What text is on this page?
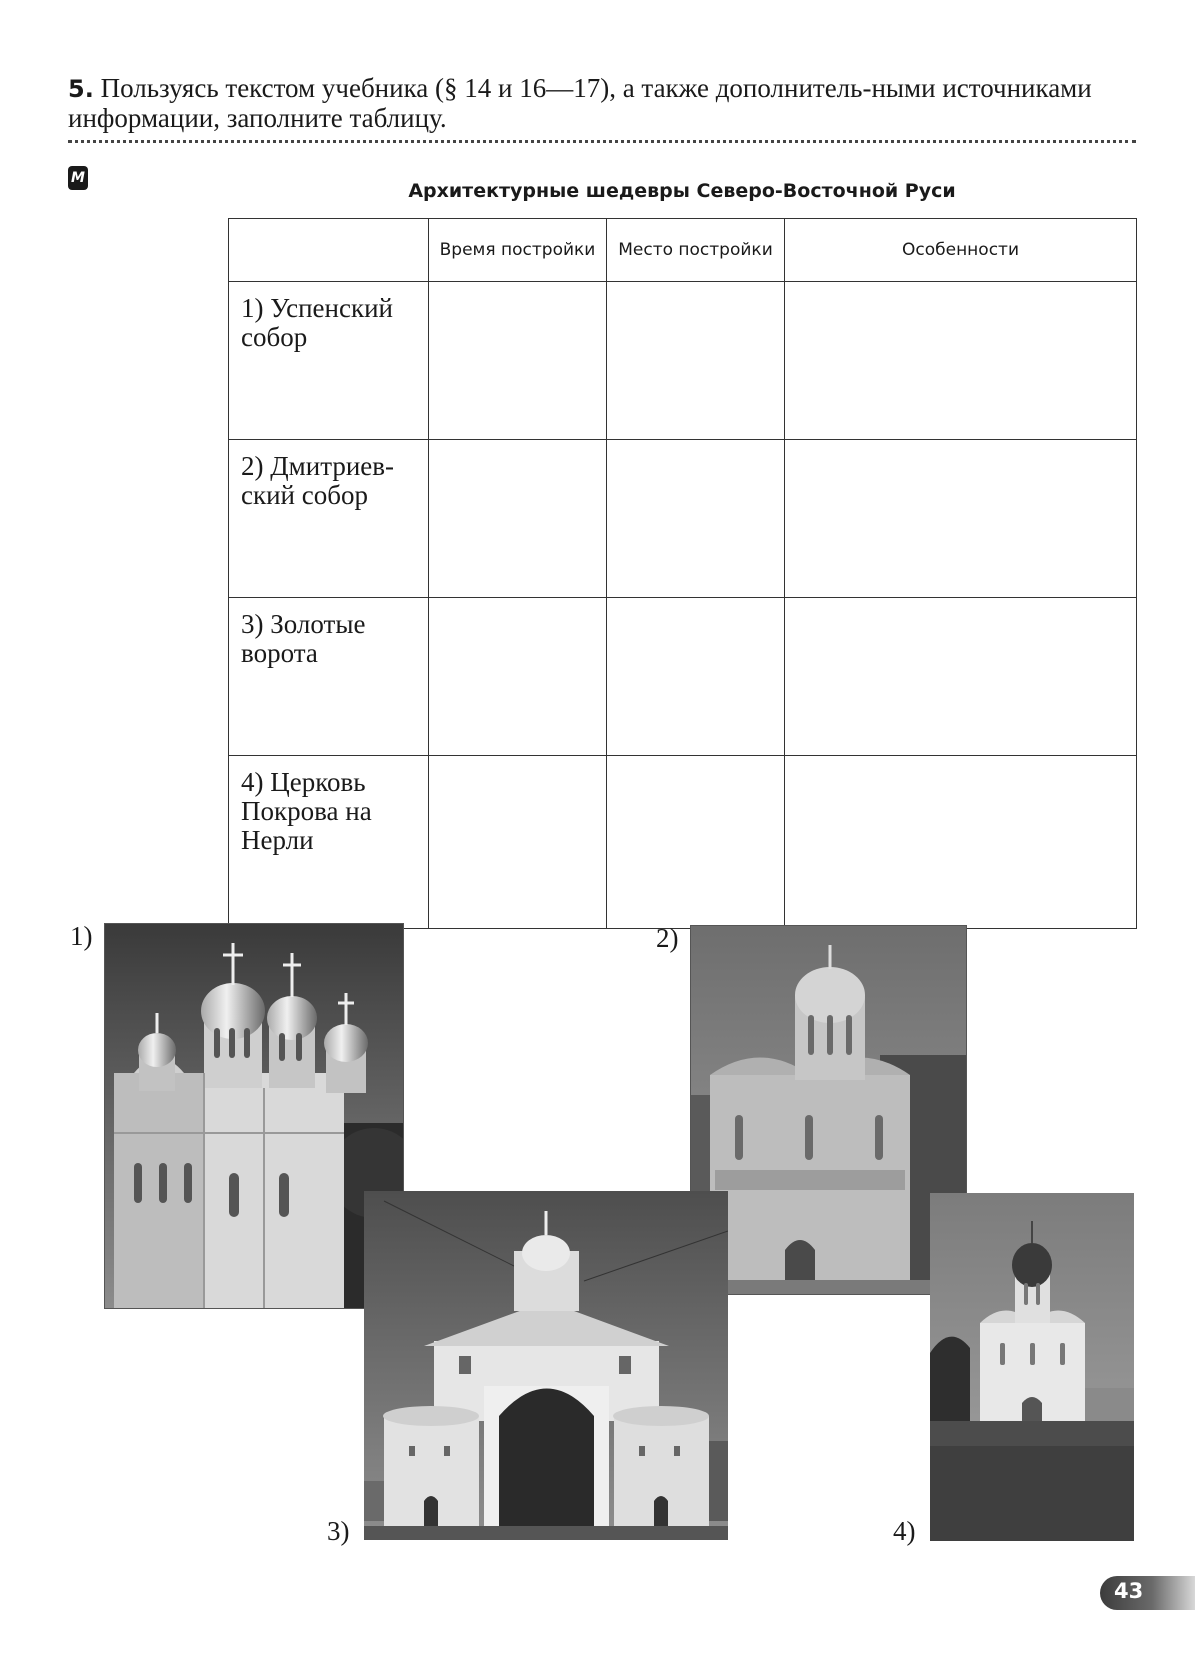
5. Пользуясь текстом учебника (§ 14 и 16—17), а также дополнитель-ными источниками информации, заполните таблицу.
M
Архитектурные шедевры Северо-Восточной Руси
	Время постройки	Место постройки	Особенности
1) Успенский собор			
2) Дмитриев-ский собор			
3) Золотые ворота			
4) Церковь Покрова на Нерли			
1)	2)
3)	4)
43
